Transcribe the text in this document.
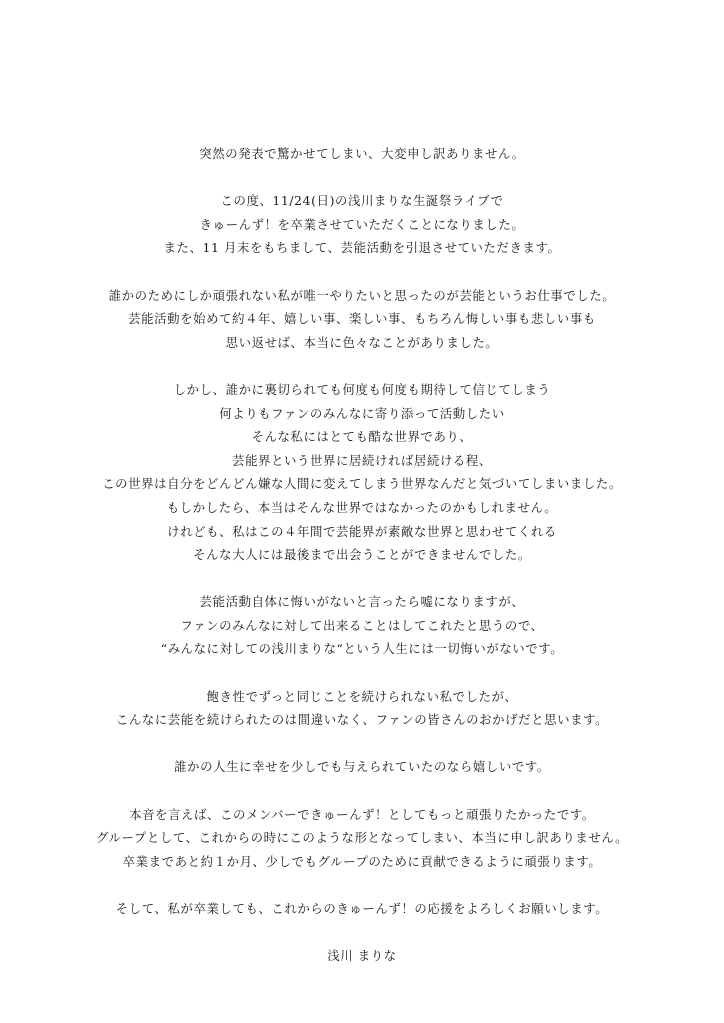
突然の発表で驚かせてしまい、大変申し訳ありません。
この度、11/24(日)の浅川まりな生誕祭ライブで
きゅーんず！を卒業させていただくことになりました。
また、11 月末をもちまして、芸能活動を引退させていただきます。
誰かのためにしか頑張れない私が唯一やりたいと思ったのが芸能というお仕事でした。
芸能活動を始めて約４年、嬉しい事、楽しい事、もちろん悔しい事も悲しい事も
思い返せば、本当に色々なことがありました。
しかし、誰かに裏切られても何度も何度も期待して信じてしまう
何よりもファンのみんなに寄り添って活動したい
そんな私にはとても酷な世界であり、
芸能界という世界に居続ければ居続ける程、
この世界は自分をどんどん嫌な人間に変えてしまう世界なんだと気づいてしまいました。
もしかしたら、本当はそんな世界ではなかったのかもしれません。
けれども、私はこの４年間で芸能界が素敵な世界と思わせてくれる
そんな大人には最後まで出会うことができませんでした。
芸能活動自体に悔いがないと言ったら嘘になりますが、
ファンのみんなに対して出来ることはしてこれたと思うので、
“みんなに対しての浅川まりな“という人生には一切悔いがないです。
飽き性でずっと同じことを続けられない私でしたが、
こんなに芸能を続けられたのは間違いなく、ファンの皆さんのおかげだと思います。
誰かの人生に幸せを少しでも与えられていたのなら嬉しいです。
本音を言えば、このメンバーできゅーんず！としてもっと頑張りたかったです。
グループとして、これからの時にこのような形となってしまい、本当に申し訳ありません。
卒業まであと約１か月、少しでもグループのために貢献できるように頑張ります。
そして、私が卒業しても、これからのきゅーんず！の応援をよろしくお願いします。
浅川 まりな
